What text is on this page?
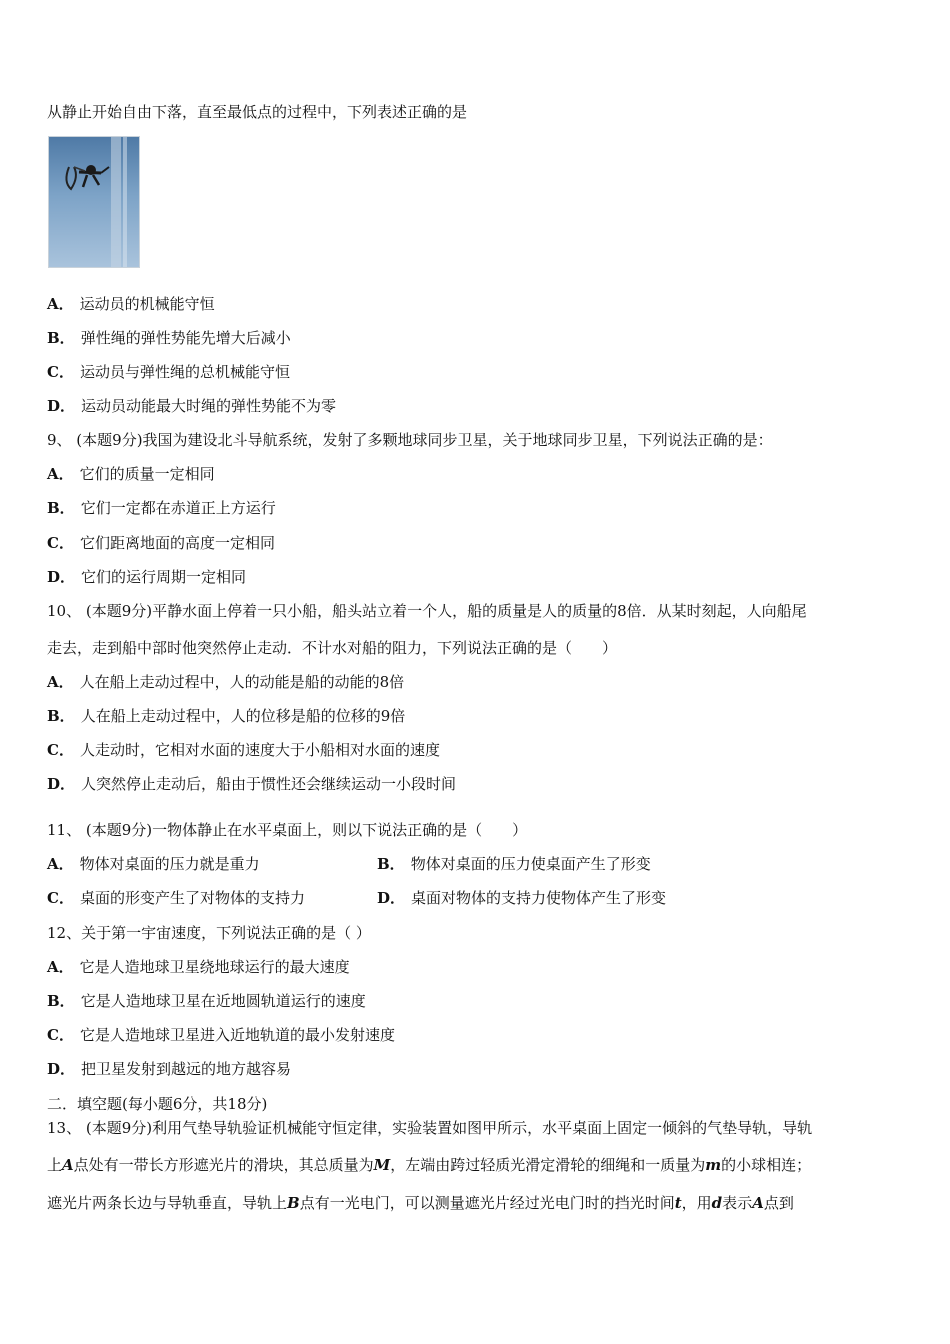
从静止开始自由下落，直至最低点的过程中，下列表述正确的是
A． 运动员的机械能守恒
B． 弹性绳的弹性势能先增大后减小
C． 运动员与弹性绳的总机械能守恒
D． 运动员动能最大时绳的弹性势能不为零
9、 (本题9分)我国为建设北斗导航系统，发射了多颗地球同步卫星，关于地球同步卫星，下列说法正确的是：
A． 它们的质量一定相同
B． 它们一定都在赤道正上方运行
C． 它们距离地面的高度一定相同
D． 它们的运行周期一定相同
10、 (本题9分)平静水面上停着一只小船，船头站立着一个人，船的质量是人的质量的8倍．从某时刻起，人向船尾
走去，走到船中部时他突然停止走动．不计水对船的阻力，下列说法正确的是（　　）
A． 人在船上走动过程中，人的动能是船的动能的8倍
B． 人在船上走动过程中，人的位移是船的位移的9倍
C． 人走动时，它相对水面的速度大于小船相对水面的速度
D． 人突然停止走动后，船由于惯性还会继续运动一小段时间
11、 (本题9分)一物体静止在水平桌面上，则以下说法正确的是（　　）
A． 物体对桌面的压力就是重力	B． 物体对桌面的压力使桌面产生了形变
C． 桌面的形变产生了对物体的支持力	D． 桌面对物体的支持力使物体产生了形变
12、关于第一宇宙速度，下列说法正确的是（ ）
A． 它是人造地球卫星绕地球运行的最大速度
B． 它是人造地球卫星在近地圆轨道运行的速度
C． 它是人造地球卫星进入近地轨道的最小发射速度
D． 把卫星发射到越远的地方越容易
二．填空题(每小题6分，共18分)
13、 (本题9分)利用气垫导轨验证机械能守恒定律，实验装置如图甲所示，水平桌面上固定一倾斜的气垫导轨，导轨
上A点处有一带长方形遮光片的滑块，其总质量为M，左端由跨过轻质光滑定滑轮的细绳和一质量为m的小球相连；
遮光片两条长边与导轨垂直，导轨上B点有一光电门，可以测量遮光片经过光电门时的挡光时间t，用d表示A点到
